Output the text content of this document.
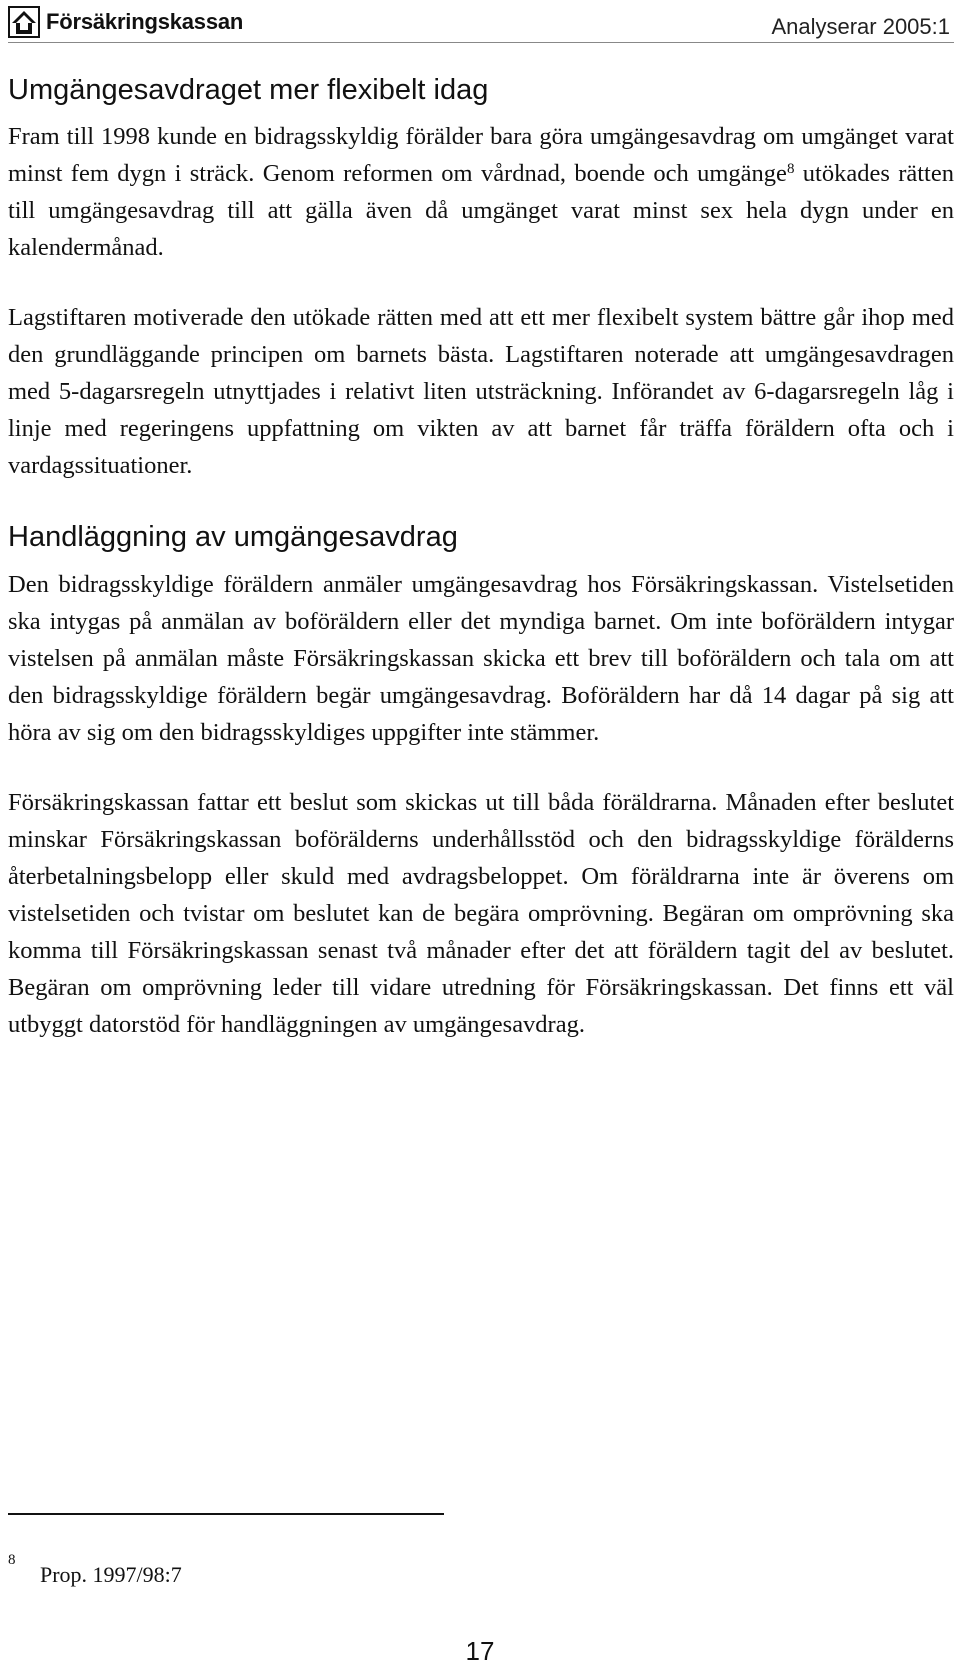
Försäkringskassan	Analyserar 2005:1
Umgängesavdraget mer flexibelt idag

Fram till 1998 kunde en bidragsskyldig förälder bara göra umgängesavdrag om umgänget varat minst fem dygn i sträck. Genom reformen om vårdnad, boende och umgänge$^8$ utökades rätten till umgängesavdrag till att gälla även då umgänget varat minst sex hela dygn under en kalendermånad.

Lagstiftaren motiverade den utökade rätten med att ett mer flexibelt system bättre går ihop med den grundläggande principen om barnets bästa. Lagstiftaren noterade att umgängesavdragen med 5-dagarsregeln utnyttjades i relativt liten utsträckning. Införandet av 6-dagarsregeln låg i linje med regeringens uppfattning om vikten av att barnet får träffa föräldern ofta och i vardagssituationer.

Handläggning av umgängesavdrag

Den bidragsskyldige föräldern anmäler umgängesavdrag hos Försäkringskassan. Vistelsetiden ska intygas på anmälan av boföräldern eller det myndiga barnet. Om inte boföräldern intygar vistelsen på anmälan måste Försäkringskassan skicka ett brev till boföräldern och tala om att den bidragsskyldige föräldern begär umgängesavdrag. Boföräldern har då 14 dagar på sig att höra av sig om den bidragsskyldiges uppgifter inte stämmer.

Försäkringskassan fattar ett beslut som skickas ut till båda föräldrarna. Månaden efter beslutet minskar Försäkringskassan boförälderns underhållsstöd och den bidragsskyldige förälderns återbetalningsbelopp eller skuld med avdragsbeloppet. Om föräldrarna inte är överens om vistelsetiden och tvistar om beslutet kan de begära omprövning. Begäran om omprövning ska komma till Försäkringskassan senast två månader efter det att föräldern tagit del av beslutet. Begäran om omprövning leder till vidare utredning för Försäkringskassan. Det finns ett väl utbyggt datorstöd för handläggningen av umgängesavdrag.

8
Prop. 1997/98:7
17
